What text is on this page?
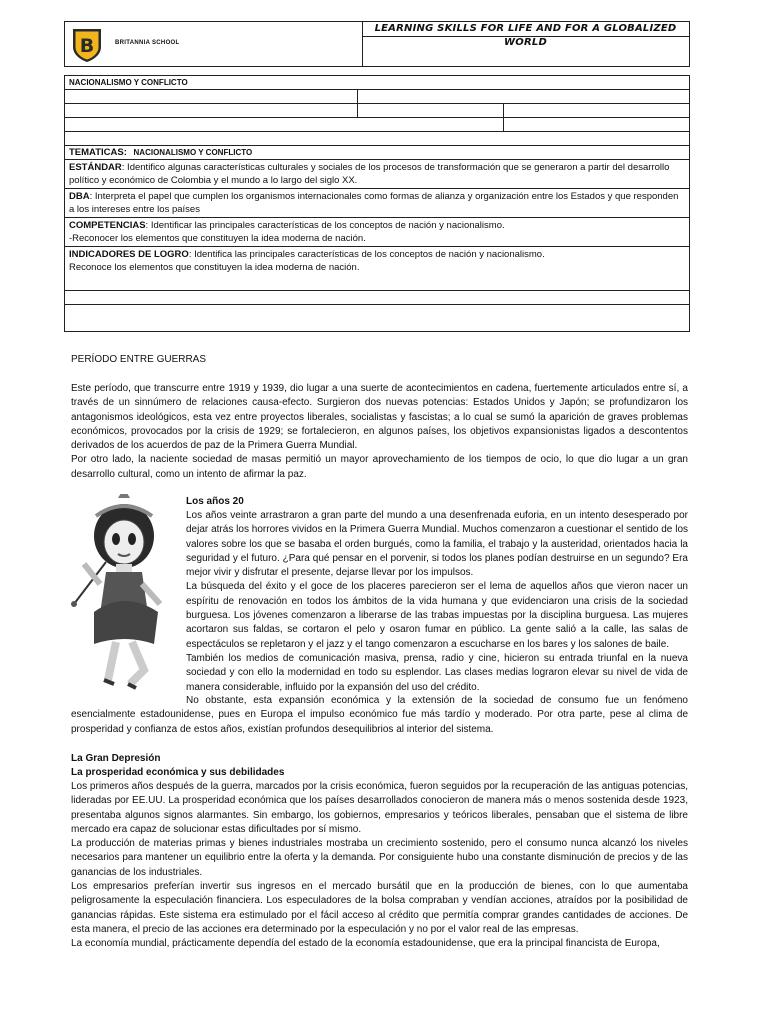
B	BRITANNIA SCHOOL
LEARNING SKILLS FOR LIFE AND FOR A GLOBALIZED WORLD
NACIONALISMO Y CONFLICTO
TEMATICAS: NACIONALISMO Y CONFLICTO
ESTÁNDAR: Identifico algunas características culturales y sociales de los procesos de transformación que se generaron a partir del desarrollo político y económico de Colombia y el mundo a lo largo del siglo XX.
DBA: Interpreta el papel que cumplen los organismos internacionales como formas de alianza y organización entre los Estados y que responden a los intereses entre los países
COMPETENCIAS: Identificar las principales características de los conceptos de nación y nacionalismo.
-Reconocer los elementos que constituyen la idea moderna de nación.
INDICADORES DE LOGRO: Identifica las principales características de los conceptos de nación y nacionalismo.
Reconoce los elementos que constituyen la idea moderna de nación.
PERÍODO ENTRE GUERRAS
Este período, que transcurre entre 1919 y 1939, dio lugar a una suerte de acontecimientos en cadena, fuertemente articulados entre sí, a través de un sinnúmero de relaciones causa-efecto. Surgieron dos nuevas potencias: Estados Unidos y Japón; se profundizaron los antagonismos ideológicos, esta vez entre proyectos liberales, socialistas y fascistas; a lo cual se sumó la aparición de graves problemas económicos, provocados por la crisis de 1929; se fortalecieron, en algunos países, los objetivos expansionistas ligados a descontentos derivados de los acuerdos de paz de la Primera Guerra Mundial.
Por otro lado, la naciente sociedad de masas permitió un mayor aprovechamiento de los tiempos de ocio, lo que dio lugar a un gran desarrollo cultural, como un intento de afirmar la paz.
Los años 20
Los años veinte arrastraron a gran parte del mundo a una desenfrenada euforia, en un intento desesperado por dejar atrás los horrores vividos en la Primera Guerra Mundial. Muchos comenzaron a cuestionar el sentido de los valores sobre los que se basaba el orden burgués, como la familia, el trabajo y la austeridad, orientados hacia la seguridad y el futuro. ¿Para qué pensar en el porvenir, si todos los planes podían destruirse en un segundo? Era mejor vivir y disfrutar el presente, dejarse llevar por los impulsos.
La búsqueda del éxito y el goce de los placeres parecieron ser el lema de aquellos años que vieron nacer un espíritu de renovación en todos los ámbitos de la vida humana y que evidenciaron una crisis de la sociedad burguesa. Los jóvenes comenzaron a liberarse de las trabas impuestas por la disciplina burguesa. Las mujeres acortaron sus faldas, se cortaron el pelo y osaron fumar en público. La gente salió a la calle, las salas de espectáculos se repletaron y el jazz y el tango comenzaron a escucharse en los bares y los salones de baile.
También los medios de comunicación masiva, prensa, radio y cine, hicieron su entrada triunfal en la nueva sociedad y con ello la modernidad en todo su esplendor. Las clases medias lograron elevar su nivel de vida de manera considerable, influido por la expansión del uso del crédito.
No obstante, esta expansión económica y la extensión de la sociedad de consumo fue un fenómeno esencialmente estadounidense, pues en Europa el impulso económico fue más tardío y moderado. Por otra parte, pese al clima de prosperidad y confianza de estos años, existían profundos desequilibrios al interior del sistema.
La Gran Depresión
La prosperidad económica y sus debilidades
Los primeros años después de la guerra, marcados por la crisis económica, fueron seguidos por la recuperación de las antiguas potencias, lideradas por EE.UU. La prosperidad económica que los países desarrollados conocieron de manera más o menos sostenida desde 1923, presentaba algunos signos alarmantes. Sin embargo, los gobiernos, empresarios y teóricos liberales, pensaban que el sistema de libre mercado era capaz de solucionar estas dificultades por sí mismo.
La producción de materias primas y bienes industriales mostraba un crecimiento sostenido, pero el consumo nunca alcanzó los niveles necesarios para mantener un equilibrio entre la oferta y la demanda. Por consiguiente hubo una constante disminución de precios y de las ganancias de los industriales.
Los empresarios preferían invertir sus ingresos en el mercado bursátil que en la producción de bienes, con lo que aumentaba peligrosamente la especulación financiera. Los especuladores de la bolsa compraban y vendían acciones, atraídos por la posibilidad de ganancias rápidas. Este sistema era estimulado por el fácil acceso al crédito que permitía comprar grandes cantidades de acciones. De esta manera, el precio de las acciones era determinado por la especulación y no por el valor real de las empresas.
La economía mundial, prácticamente dependía del estado de la economía estadounidense, que era la principal financista de Europa,
